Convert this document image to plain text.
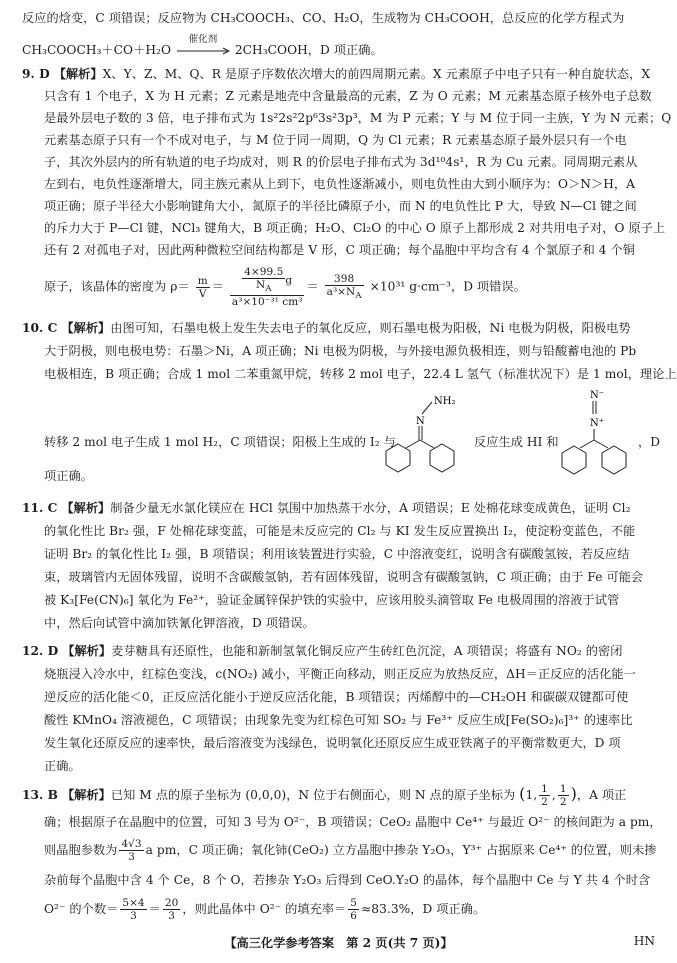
反应的焓变，C 项错误；反应物为 CH₃COOCH₃、CO、H₂O，生成物为 CH₃COOH，总反应的化学方程式为
CH₃COOCH₃＋CO＋H₂O
催化剂
2CH₃COOH，D 项正确。
9. D 【解析】X、Y、Z、M、Q、R 是原子序数依次增大的前四周期元素。X 元素原子中电子只有一种自旋状态，X
只含有 1 个电子，X 为 H 元素；Z 元素是地壳中含量最高的元素，Z 为 O 元素；M 元素基态原子核外电子总数
是最外层电子数的 3 倍，电子排布式为 1s²2s²2p⁶3s²3p³，M 为 P 元素；Y 与 M 位于同一主族，Y 为 N 元素；Q
元素基态原子只有一个不成对电子，与 M 位于同一周期，Q 为 Cl 元素；R 元素基态原子最外层只有一个电
子，其次外层内的所有轨道的电子均成对，则 R 的价层电子排布式为 3d¹⁰4s¹，R 为 Cu 元素。同周期元素从
左到右，电负性逐渐增大，同主族元素从上到下，电负性逐渐减小，则电负性由大到小顺序为：O＞N＞H，A
项正确；原子半径大小影响键角大小，氮原子的半径比磷原子小，而 N 的电负性比 P 大，导致 N—Cl 键之间
的斥力大于 P—Cl 键，NCl₃ 键角大，B 项正确；H₂O、Cl₂O 的中心 O 原子上都形成 2 对共用电子对，O 原子上
还有 2 对孤电子对，因此两种微粒空间结构都是 V 形，C 项正确；每个晶胞中平均含有 4 个氯原子和 4 个铜
原子，该晶体的密度为 $\rho= \frac{m}{V} = \frac{\frac{4\times 99.5}{N_A} g}{\text{a³×10⁻³¹ cm³}} = \frac{398}{a^3\times N_A} \times 10^{31}$ g·cm⁻³，D 项错误。
10. C 【解析】由图可知，石墨电极上发生失去电子的氧化反应，则石墨电极为阳极，Ni 电极为阴极，阳极电势
大于阴极，则电极电势：石墨＞Ni，A 项正确；Ni 电极为阴极，与外接电源负极相连，则与铅酸蓄电池的 Pb
电极相连，B 项正确；合成 1 mol 二苯重氮甲烷，转移 2 mol 电子，22.4 L 氢气（标准状况下）是 1 mol，理论上
转移 2 mol 电子生成 1 mol H₂，C 项错误；阳极上生成的 I₂ 与	反应生成 HI 和	，D
项正确。
NH₂
N
N⁻
N⁺
11. C 【解析】制备少量无水氯化镁应在 HCl 氛围中加热蒸干水分，A 项错误；E 处棉花球变成黄色，证明 Cl₂
的氧化性比 Br₂ 强，F 处棉花球变蓝，可能是未反应完的 Cl₂ 与 KI 发生反应置换出 I₂，使淀粉变蓝色，不能
证明 Br₂ 的氧化性比 I₂ 强，B 项错误；利用该装置进行实验，C 中溶液变红，说明含有碳酸氢铵，若反应结
束，玻璃管内无固体残留，说明不含碳酸氢钠，若有固体残留，说明含有碳酸氢钠，C 项正确；由于 Fe 可能会
被 K₃[Fe(CN)₆] 氧化为 Fe²⁺，验证金属锌保护铁的实验中，应该用胶头滴管取 Fe 电极周围的溶液于试管
中，然后向试管中滴加铁氰化钾溶液，D 项错误。
12. D 【解析】麦芽糖具有还原性，也能和新制氢氧化铜反应产生砖红色沉淀，A 项错误；将盛有 NO₂ 的密闭
烧瓶浸入冷水中，红棕色变浅，c(NO₂) 减小，平衡正向移动，则正反应为放热反应，ΔH＝正反应的活化能一
逆反应的活化能＜0，正反应活化能小于逆反应活化能，B 项错误；丙烯醇中的—CH₂OH 和碳碳双键都可使
酸性 KMnO₄ 溶液褪色，C 项错误；由现象先变为红棕色可知 SO₂ 与 Fe³⁺ 反应生成[Fe(SO₂)₆]³⁺ 的速率比
发生氧化还原反应的速率快，最后溶液变为浅绿色，说明氧化还原反应生成亚铁离子的平衡常数更大，D 项
正确。
13. B 【解析】已知 M 点的原子坐标为 (0,0,0)，N 位于右侧面心，则 N 点的原子坐标为 (1, $\frac{1}{2}$ , $\frac{1}{2}$ )，A 项正
确；根据原子在晶胞中的位置，可知 3 号为 O²⁻，B 项错误；CeO₂ 晶胞中 Ce⁴⁺ 与最近 O²⁻ 的核间距为 a pm，
则晶胞参数为 $\frac{4√3}{3}$ a pm，C 项正确；氧化铈(CeO₂) 立方晶胞中掺杂 Y₂O₃，Y³⁺ 占据原来 Ce⁴⁺ 的位置，则未掺
杂前每个晶胞中含 4 个 Ce，8 个 O，若掺杂 Y₂O₃ 后得到 CeO.Y₂O 的晶体，每个晶胞中 Ce 与 Y 共 4 个时含
O²⁻ 的个数＝ $\frac{5\times 4}{3} = \frac{20}{3}$ ，则此晶体中 O²⁻ 的填充率＝ $\frac{5}{6} \approx 83.3\%$，D 项正确。
【高三化学参考答案　第 2 页(共 7 页)】	HN
